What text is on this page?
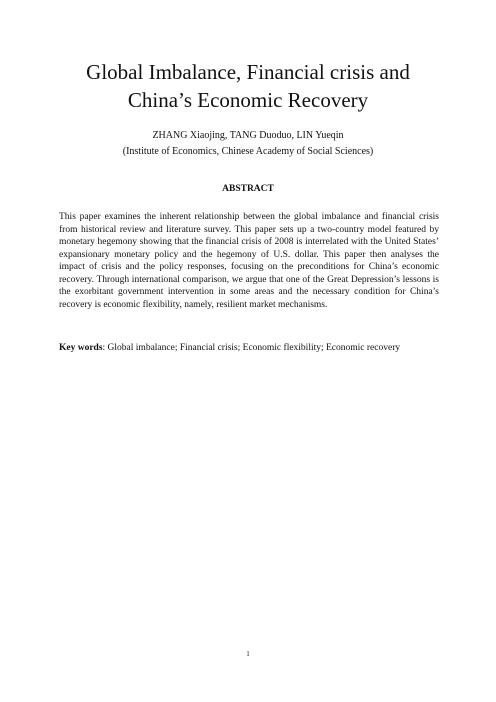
Global Imbalance, Financial crisis and
China’s Economic Recovery

ZHANG Xiaojing, TANG Duoduo, LIN Yueqin

(Institute of Economics, Chinese Academy of Social Sciences)

ABSTRACT

This paper examines the inherent relationship between the global imbalance and financial crisis from historical review and literature survey. This paper sets up a two-country model featured by monetary hegemony showing that the financial crisis of 2008 is interrelated with the United States’ expansionary monetary policy and the hegemony of U.S. dollar. This paper then analyses the impact of crisis and the policy responses, focusing on the preconditions for China’s economic recovery. Through international comparison, we argue that one of the Great Depression’s lessons is the exorbitant government intervention in some areas and the necessary condition for China’s recovery is economic flexibility, namely, resilient market mechanisms.

Key words: Global imbalance; Financial crisis; Economic flexibility; Economic recovery

1
